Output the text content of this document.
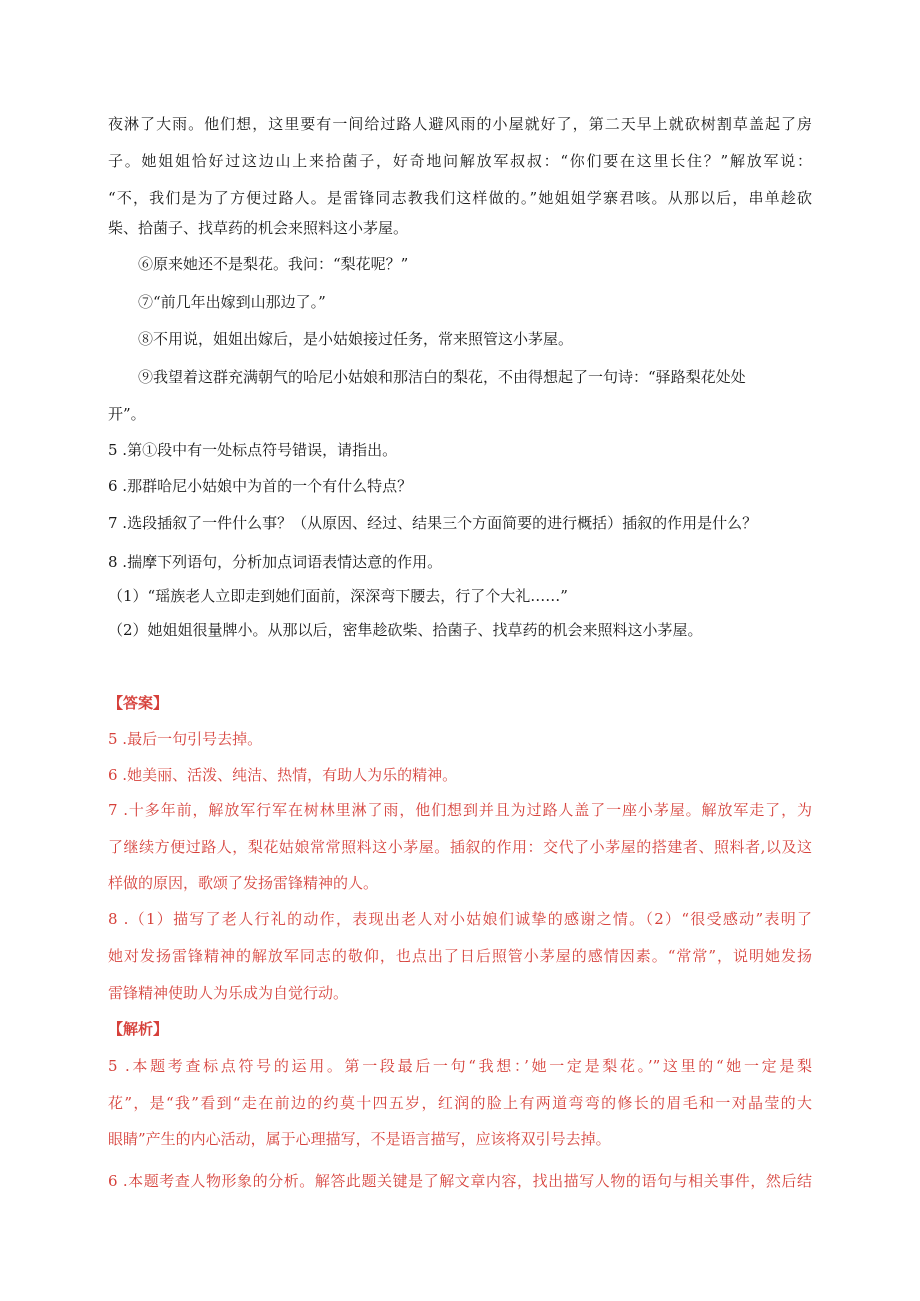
夜淋了大雨。他们想，这里要有一间给过路人避风雨的小屋就好了，第二天早上就砍树割草盖起了房
子。她姐姐恰好过这边山上来拾菌子，好奇地问解放军叔叔：“你们要在这里长住？”解放军说：
“不，我们是为了方便过路人。是雷锋同志教我们这样做的。”她姐姐学寨君咳。从那以后，串单趁砍
柴、拾菌子、找草药的机会来照料这小茅屋。
⑥原来她还不是梨花。我问：“梨花呢？”
⑦“前几年出嫁到山那边了。”
⑧不用说，姐姐出嫁后，是小姑娘接过任务，常来照管这小茅屋。
⑨我望着这群充满朝气的哈尼小姑娘和那洁白的梨花，不由得想起了一句诗：“驿路梨花处处
开”。
5 .第①段中有一处标点符号错误，请指出。
6 .那群哈尼小姑娘中为首的一个有什么特点？
7 .选段插叙了一件什么事？（从原因、经过、结果三个方面简要的进行概括）插叙的作用是什么？
8 .揣摩下列语句，分析加点词语表情达意的作用。
（1）“瑶族老人立即走到她们面前，深深弯下腰去，行了个大礼……”
（2）她姐姐很量牌小。从那以后，密隼趁砍柴、拾菌子、找草药的机会来照料这小茅屋。
【答案】
5 .最后一句引号去掉。
6 .她美丽、活泼、纯洁、热情，有助人为乐的精神。
7 .十多年前，解放军行军在树林里淋了雨，他们想到并且为过路人盖了一座小茅屋。解放军走了，为
了继续方便过路人，梨花姑娘常常照料这小茅屋。插叙的作用：交代了小茅屋的搭建者、照料者,以及这
样做的原因，歌颂了发扬雷锋精神的人。
8 .（1）描写了老人行礼的动作，表现出老人对小姑娘们诚挚的感谢之情。（2）“很受感动”表明了
她对发扬雷锋精神的解放军同志的敬仰，也点出了日后照管小茅屋的感情因素。“常常”，说明她发扬
雷锋精神使助人为乐成为自觉行动。
【解析】
5 .本题考查标点符号的运用。第一段最后一句“我想：’她一定是梨花。’”这里的“她一定是梨
花”，是“我”看到“走在前边的约莫十四五岁，红润的脸上有两道弯弯的修长的眉毛和一对晶莹的大
眼睛”产生的内心活动，属于心理描写，不是语言描写，应该将双引号去掉。
6 .本题考查人物形象的分析。解答此题关键是了解文章内容，找出描写人物的语句与相关事件，然后结
